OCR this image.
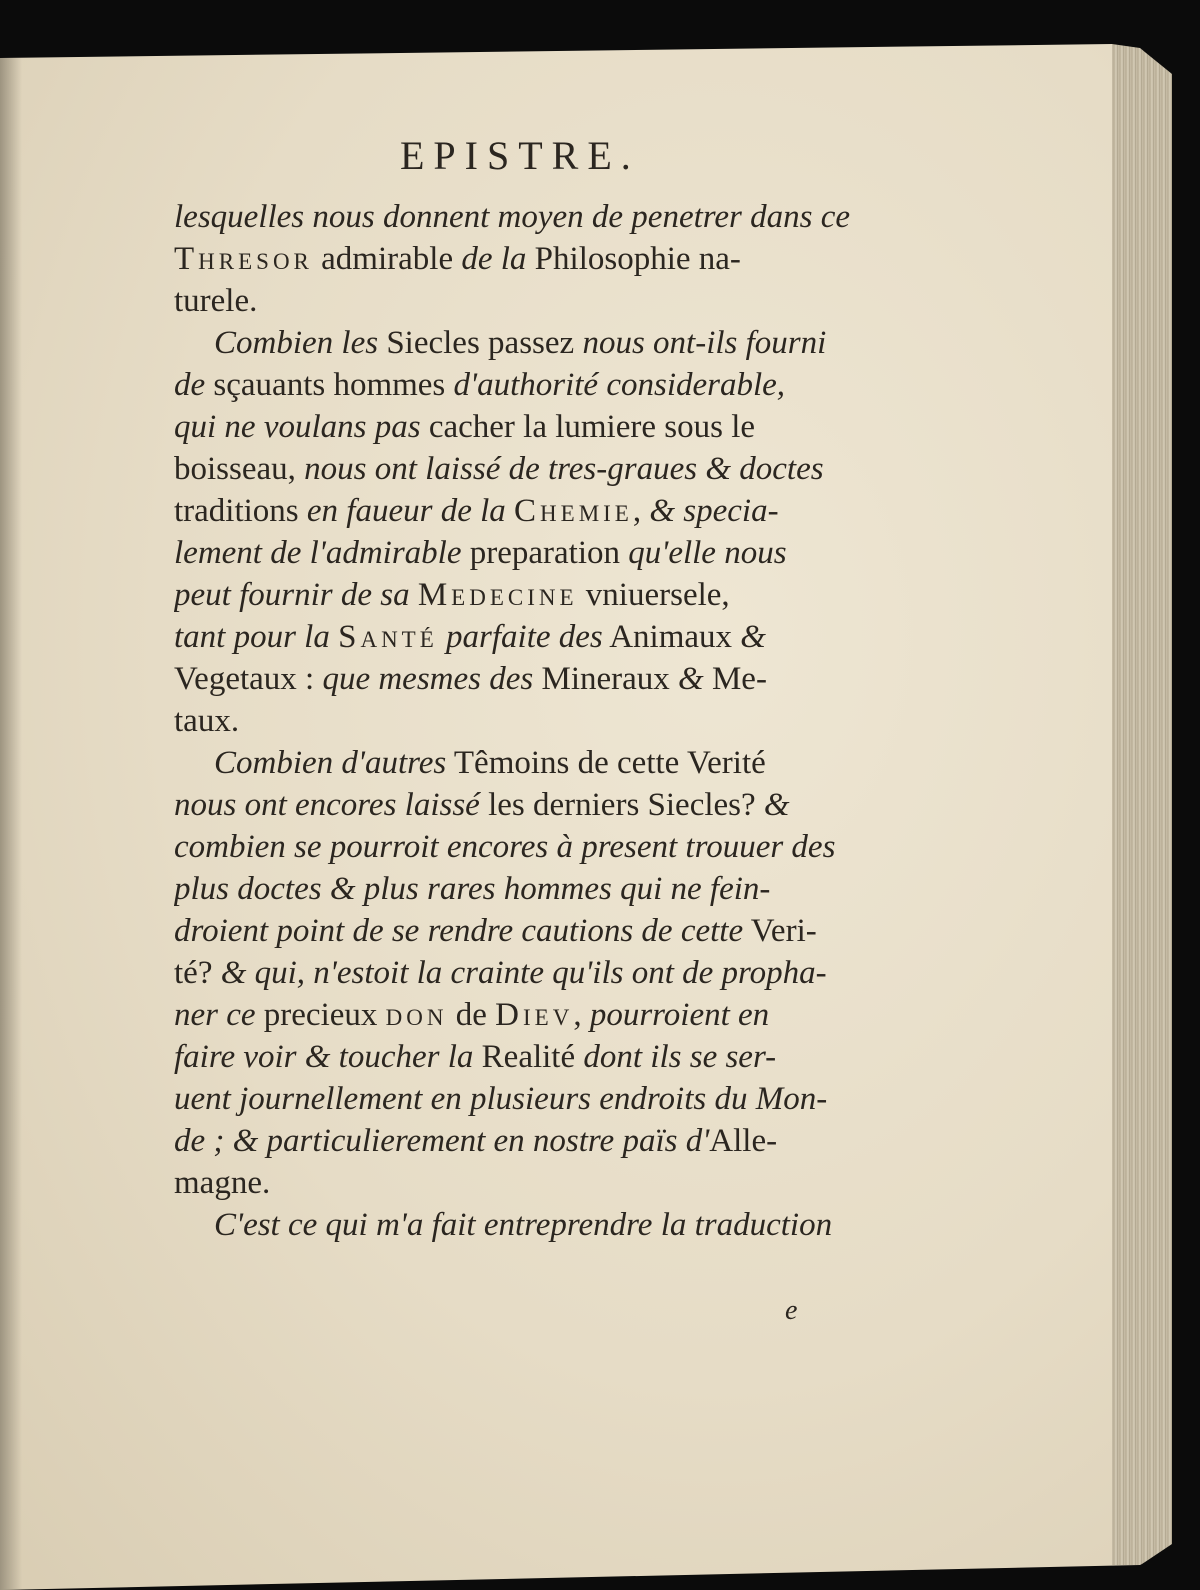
EPISTRE.
lesquelles nous donnent moyen de penetrer dans ce
Thresor admirable de la Philosophie na-
turele.
Combien les Siecles passez nous ont-ils fourni
de sçauants hommes d'authorité considerable,
qui ne voulans pas cacher la lumiere sous le
boisseau, nous ont laissé de tres-graues & doctes
traditions en faueur de la Chemie, & specia-
lement de l'admirable preparation qu'elle nous
peut fournir de sa Medecine vniuersele,
tant pour la Santé parfaite des Animaux &
Vegetaux : que mesmes des Mineraux & Me-
taux.
Combien d'autres Têmoins de cette Verité
nous ont encores laissé les derniers Siecles? &
combien se pourroit encores à present trouuer des
plus doctes & plus rares hommes qui ne fein-
droient point de se rendre cautions de cette Veri-
té? & qui, n'estoit la crainte qu'ils ont de propha-
ner ce precieux don de Diev, pourroient en
faire voir & toucher la Realité dont ils se ser-
uent journellement en plusieurs endroits du Mon-
de ; & particulierement en nostre païs d'Alle-
magne.
C'est ce qui m'a fait entreprendre la traduction
e
